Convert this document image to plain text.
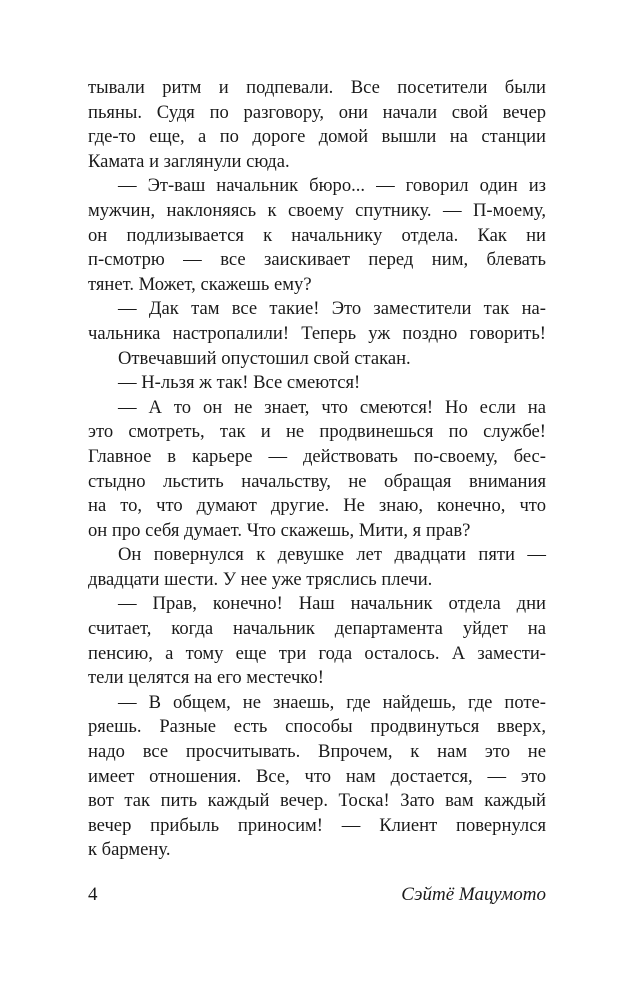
тывали ритм и подпевали. Все посетители были
пьяны. Судя по разговору, они начали свой вечер
где-то еще, а по дороге домой вышли на станции
Камата и заглянули сюда.

— Эт-ваш начальник бюро... — говорил один из
мужчин, наклоняясь к своему спутнику. — П-моему,
он подлизывается к начальнику отдела. Как ни
п-смотрю — все заискивает перед ним, блевать
тянет. Может, скажешь ему?

— Дак там все такие! Это заместители так на-
чальника настропалили! Теперь уж поздно говорить!

Отвечавший опустошил свой стакан.

— Н-льзя ж так! Все смеются!

— А то он не знает, что смеются! Но если на
это смотреть, так и не продвинешься по службе!
Главное в карьере — действовать по-своему, бес-
стыдно льстить начальству, не обращая внимания
на то, что думают другие. Не знаю, конечно, что
он про себя думает. Что скажешь, Мити, я прав?

Он повернулся к девушке лет двадцати пяти —
двадцати шести. У нее уже тряслись плечи.

— Прав, конечно! Наш начальник отдела дни
считает, когда начальник департамента уйдет на
пенсию, а тому еще три года осталось. А замести-
тели целятся на его местечко!

— В общем, не знаешь, где найдешь, где поте-
ряешь. Разные есть способы продвинуться вверх,
надо все просчитывать. Впрочем, к нам это не
имеет отношения. Все, что нам достается, — это
вот так пить каждый вечер. Тоска! Зато вам каждый
вечер прибыль приносим! — Клиент повернулся
к бармену.

4	Сэйтё Мацумото
